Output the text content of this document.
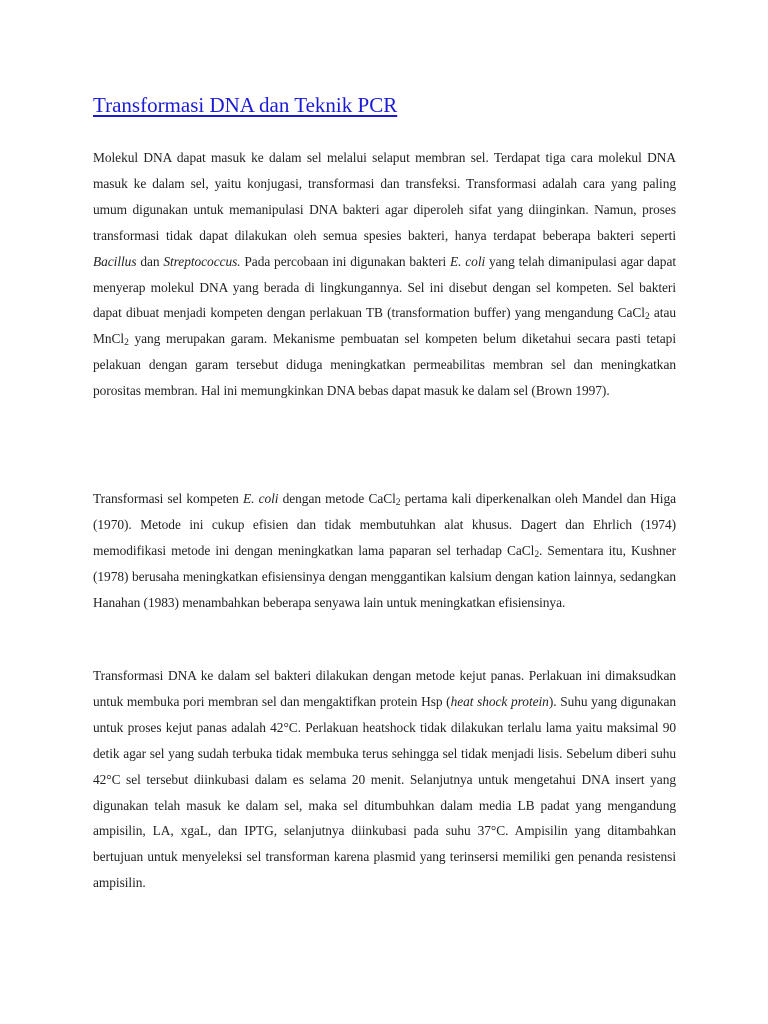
Transformasi DNA dan Teknik PCR

Molekul DNA dapat masuk ke dalam sel melalui selaput membran sel. Terdapat tiga cara molekul DNA masuk ke dalam sel, yaitu konjugasi, transformasi dan transfeksi. Transformasi adalah cara yang paling umum digunakan untuk memanipulasi DNA bakteri agar diperoleh sifat yang diinginkan. Namun, proses transformasi tidak dapat dilakukan oleh semua spesies bakteri, hanya terdapat beberapa bakteri seperti Bacillus dan Streptococcus. Pada percobaan ini digunakan bakteri E. coli yang telah dimanipulasi agar dapat menyerap molekul DNA yang berada di lingkungannya. Sel ini disebut dengan sel kompeten. Sel bakteri dapat dibuat menjadi kompeten dengan perlakuan TB (transformation buffer) yang mengandung CaCl$_2$ atau MnCl$_2$ yang merupakan garam. Mekanisme pembuatan sel kompeten belum diketahui secara pasti tetapi pelakuan dengan garam tersebut diduga meningkatkan permeabilitas membran sel dan meningkatkan porositas membran. Hal ini memungkinkan DNA bebas dapat masuk ke dalam sel (Brown 1997).

Transformasi sel kompeten E. coli dengan metode CaCl$_2$ pertama kali diperkenalkan oleh Mandel dan Higa (1970). Metode ini cukup efisien dan tidak membutuhkan alat khusus. Dagert dan Ehrlich (1974) memodifikasi metode ini dengan meningkatkan lama paparan sel terhadap CaCl$_2$. Sementara itu, Kushner (1978) berusaha meningkatkan efisiensinya dengan menggantikan kalsium dengan kation lainnya, sedangkan Hanahan (1983) menambahkan beberapa senyawa lain untuk meningkatkan efisiensinya.

Transformasi DNA ke dalam sel bakteri dilakukan dengan metode kejut panas. Perlakuan ini dimaksudkan untuk membuka pori membran sel dan mengaktifkan protein Hsp (heat shock protein). Suhu yang digunakan untuk proses kejut panas adalah 42°C. Perlakuan heatshock tidak dilakukan terlalu lama yaitu maksimal 90 detik agar sel yang sudah terbuka tidak membuka terus sehingga sel tidak menjadi lisis. Sebelum diberi suhu 42°C sel tersebut diinkubasi dalam es selama 20 menit. Selanjutnya untuk mengetahui DNA insert yang digunakan telah masuk ke dalam sel, maka sel ditumbuhkan dalam media LB padat yang mengandung ampisilin, LA, xgaL, dan IPTG, selanjutnya diinkubasi pada suhu 37°C. Ampisilin yang ditambahkan bertujuan untuk menyeleksi sel transforman karena plasmid yang terinsersi memiliki gen penanda resistensi ampisilin.
